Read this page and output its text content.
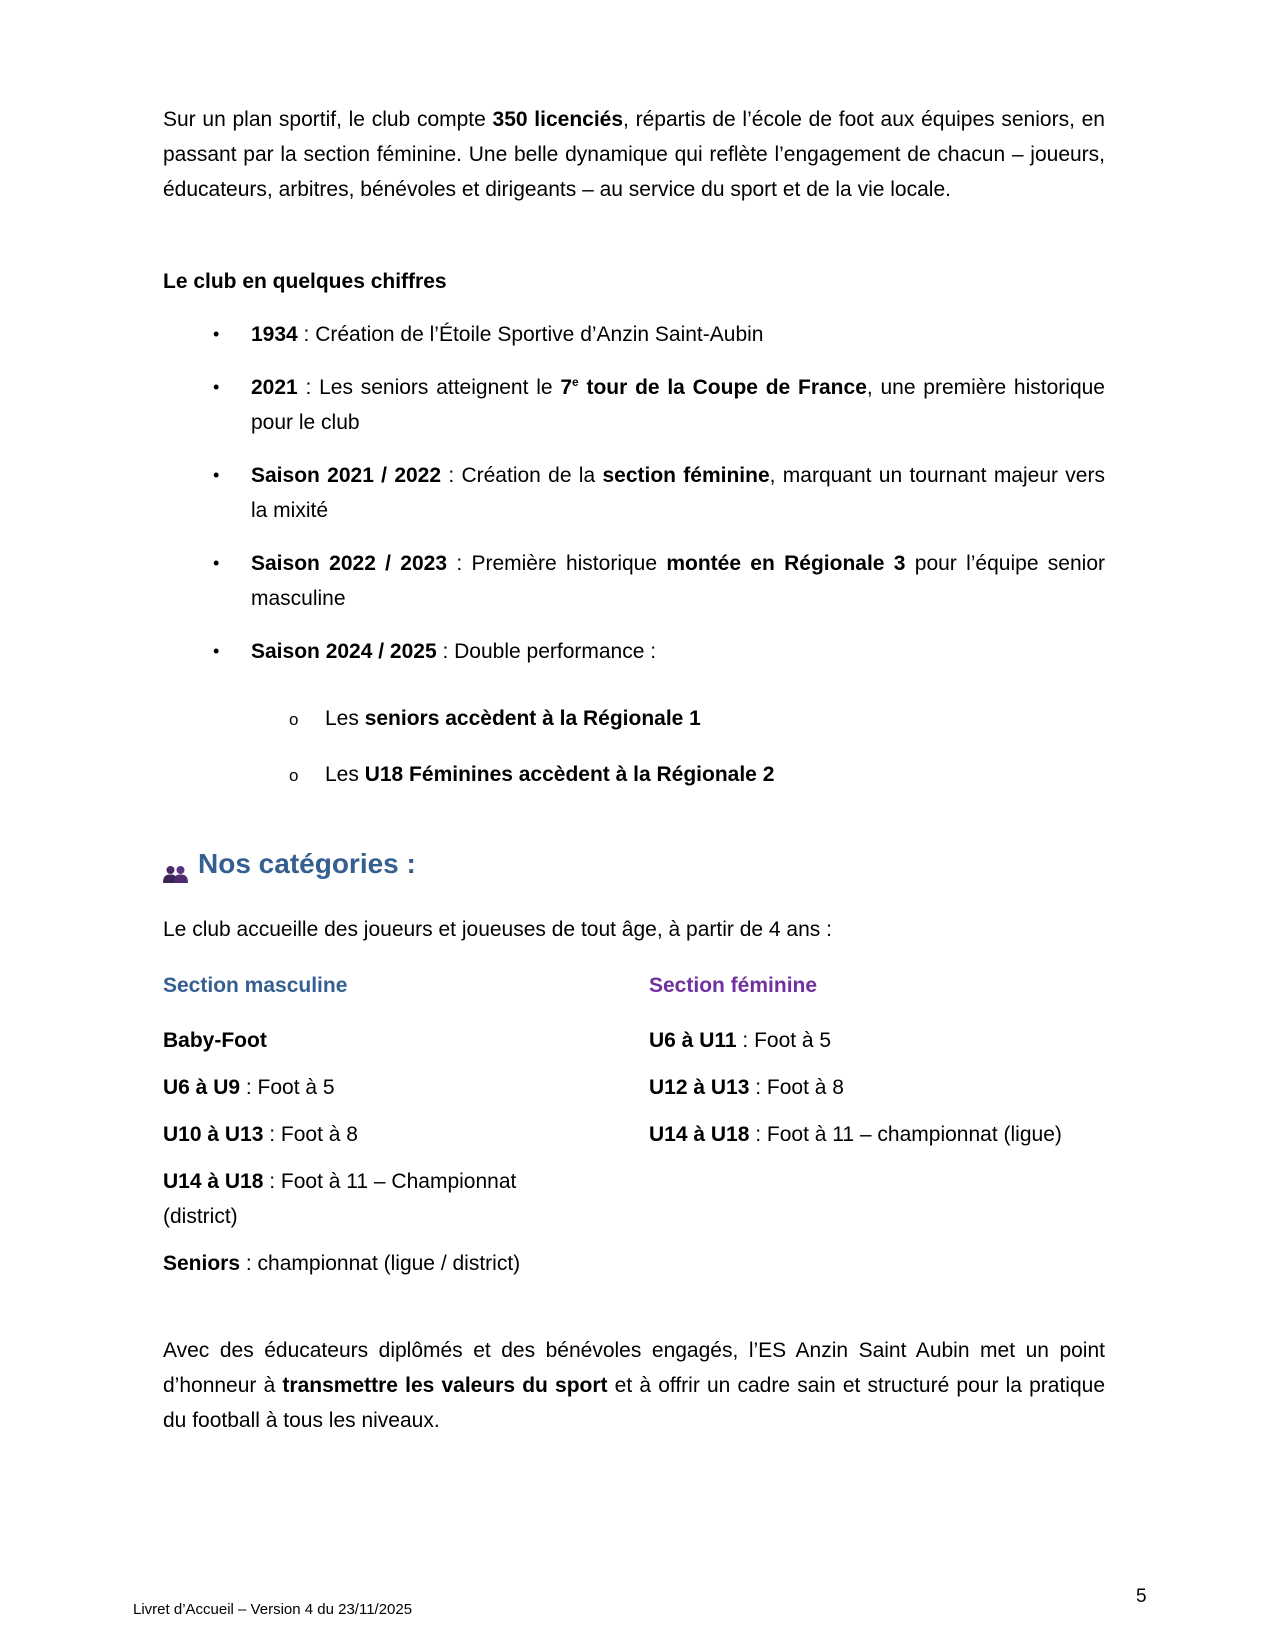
Sur un plan sportif, le club compte 350 licenciés, répartis de l’école de foot aux équipes seniors, en passant par la section féminine. Une belle dynamique qui reflète l’engagement de chacun – joueurs, éducateurs, arbitres, bénévoles et dirigeants – au service du sport et de la vie locale.

Le club en quelques chiffres
• 1934 : Création de l’Étoile Sportive d’Anzin Saint-Aubin
• 2021 : Les seniors atteignent le 7e tour de la Coupe de France, une première historique pour le club
• Saison 2021 / 2022 : Création de la section féminine, marquant un tournant majeur vers la mixité
• Saison 2022 / 2023 : Première historique montée en Régionale 3 pour l’équipe senior masculine
• Saison 2024 / 2025 : Double performance :
o Les seniors accèdent à la Régionale 1
o Les U18 Féminines accèdent à la Régionale 2
Nos catégories :
Le club accueille des joueurs et joueuses de tout âge, à partir de 4 ans :
Section masculine
Baby-Foot
U6 à U9 : Foot à 5
U10 à U13 : Foot à 8
U14 à U18 : Foot à 11 – Championnat (district)
Seniors : championnat (ligue / district)
Section féminine
U6 à U11 : Foot à 5
U12 à U13 : Foot à 8
U14 à U18 : Foot à 11 – championnat (ligue)

Avec des éducateurs diplômés et des bénévoles engagés, l’ES Anzin Saint Aubin met un point d’honneur à transmettre les valeurs du sport et à offrir un cadre sain et structuré pour la pratique du football à tous les niveaux.

5
Livret d’Accueil – Version 4 du 23/11/2025
